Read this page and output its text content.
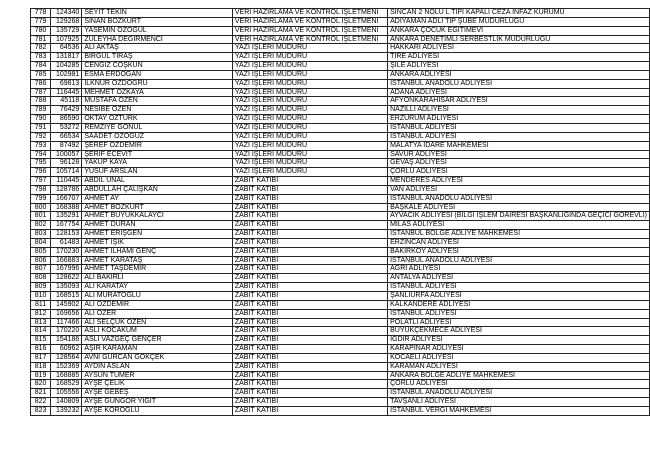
778	124340	SEYİT TEKİN	VERİ HAZIRLAMA VE KONTROL İŞLETMENİ	SİNCAN 2 NOLU L TİPİ KAPALI CEZA İNFAZ KURUMU
779	129268	SİNAN BOZKURT	VERİ HAZIRLAMA VE KONTROL İŞLETMENİ	ADIYAMAN ADLİ TIP ŞUBE MÜDÜRLÜĞÜ
780	135729	YASEMİN ÖZOĞUL	VERİ HAZIRLAMA VE KONTROL İŞLETMENİ	ANKARA ÇOCUK EĞİTİMEVİ
781	107925	ZÜLEYHA DEĞİRMENCİ	VERİ HAZIRLAMA VE KONTROL İŞLETMENİ	ANKARA DENETİMLİ SERBESTLİK MÜDÜRLÜĞÜ
782	64536	ALİ AKTAŞ	YAZI İŞLERİ MÜDÜRÜ	HAKKARİ ADLİYESİ
783	131817	BİRGÜL TIRAŞ	YAZI İŞLERİ MÜDÜRÜ	TİRE ADLİYESİ
784	104285	CENGİZ COŞKUN	YAZI İŞLERİ MÜDÜRÜ	ŞİLE ADLİYESİ
785	102981	ESMA ERDOĞAN	YAZI İŞLERİ MÜDÜRÜ	ANKARA ADLİYESİ
786	69813	İLKNUR ÖZDOĞRU	YAZI İŞLERİ MÜDÜRÜ	İSTANBUL ANADOLU ADLİYESİ
787	116445	MEHMET ÖZKAYA	YAZI İŞLERİ MÜDÜRÜ	ADANA ADLİYESİ
788	45118	MUSTAFA ÖZEN	YAZI İŞLERİ MÜDÜRÜ	AFYONKARAHİSAR ADLİYESİ
789	76429	NESİBE ÖZEN	YAZI İŞLERİ MÜDÜRÜ	NAZİLLİ ADLİYESİ
790	86590	OKTAY ÖZTÜRK	YAZI İŞLERİ MÜDÜRÜ	ERZURUM ADLİYESİ
791	53272	REMZİYE GÖNÜL	YAZI İŞLERİ MÜDÜRÜ	İSTANBUL ADLİYESİ
792	66534	SAADET ÖZOĞUZ	YAZI İŞLERİ MÜDÜRÜ	İSTANBUL ADLİYESİ
793	87492	ŞEREF ÖZDEMİR	YAZI İŞLERİ MÜDÜRÜ	MALATYA İDARE MAHKEMESİ
794	100057	ŞERİF ECEVİT	YAZI İŞLERİ MÜDÜRÜ	SAVUR ADLİYESİ
795	96128	YAKUP KAYA	YAZI İŞLERİ MÜDÜRÜ	GEVAŞ ADLİYESİ
796	105714	YUSUF ARSLAN	YAZI İŞLERİ MÜDÜRÜ	ÇORLU ADLİYESİ
797	110445	ABDİL ÜNAL	ZABIT KATİBİ	MENDERES ADLİYESİ
798	128786	ABDULLAH ÇALIŞKAN	ZABIT KATİBİ	VAN ADLİYESİ
799	166707	AHMET AY	ZABIT KATİBİ	İSTANBUL ANADOLU ADLİYESİ
800	168388	AHMET BOZKURT	ZABIT KATİBİ	BAŞKALE ADLİYESİ
801	135291	AHMET BÜYÜKKALAYCI	ZABIT KATİBİ	AYVACIK ADLİYESİ (BİLGİ İŞLEM DAİRESİ BAŞKANLIĞINDA GEÇİCİ GÖREVLİ)
802	167754	AHMET DURAN	ZABIT KATİBİ	MİLAS ADLİYESİ
803	128153	AHMET ERİŞGEN	ZABIT KATİBİ	İSTANBUL BÖLGE ADLİYE MAHKEMESİ
804	61483	AHMET IŞIK	ZABIT KATİBİ	ERZİNCAN ADLİYESİ
805	170230	AHMET İLHAMİ GENÇ	ZABIT KATİBİ	BAKIRKÖY ADLİYESİ
806	166883	AHMET KARATAŞ	ZABIT KATİBİ	İSTANBUL ANADOLU ADLİYESİ
807	167996	AHMET TAŞDEMİR	ZABIT KATİBİ	AĞRI ADLİYESİ
808	128622	ALİ BAKIRLI	ZABIT KATİBİ	ANTALYA ADLİYESİ
809	135093	ALİ KARATAY	ZABIT KATİBİ	İSTANBUL ADLİYESİ
810	168515	ALİ MURATOĞLU	ZABIT KATİBİ	ŞANLIURFA ADLİYESİ
811	145902	ALİ ÖZDEMİR	ZABIT KATİBİ	KALKANDERE ADLİYESİ
812	169656	ALİ ÖZER	ZABIT KATİBİ	İSTANBUL ADLİYESİ
813	117466	ALİ SELÇUK ÖZEN	ZABIT KATİBİ	POLATLI ADLİYESİ
814	170220	ASLI KOCAKUM	ZABIT KATİBİ	BÜYÜKÇEKMECE ADLİYESİ
815	154186	ASLI VAZGEÇ GENÇER	ZABIT KATİBİ	IĞDIR ADLİYESİ
816	60962	AŞIR KARAMAN	ZABIT KATİBİ	KARAPINAR ADLİYESİ
817	128564	AVNİ GÜRCAN GÖKÇEK	ZABIT KATİBİ	KOCAELİ ADLİYESİ
818	152369	AYDIN ASLAN	ZABIT KATİBİ	KARAMAN ADLİYESİ
819	168885	AYSUN TÜMER	ZABIT KATİBİ	ANKARA BÖLGE ADLİYE MAHKEMESİ
820	168529	AYŞE ÇELİK	ZABIT KATİBİ	ÇORLU ADLİYESİ
821	105556	AYŞE GEBEŞ	ZABIT KATİBİ	İSTANBUL ANADOLU ADLİYESİ
822	140809	AYŞE GÜNGÖR YİĞİT	ZABIT KATİBİ	TAVŞANLI ADLİYESİ
823	139232	AYŞE KÖROĞLU	ZABIT KATİBİ	İSTANBUL VERGİ MAHKEMESİ
